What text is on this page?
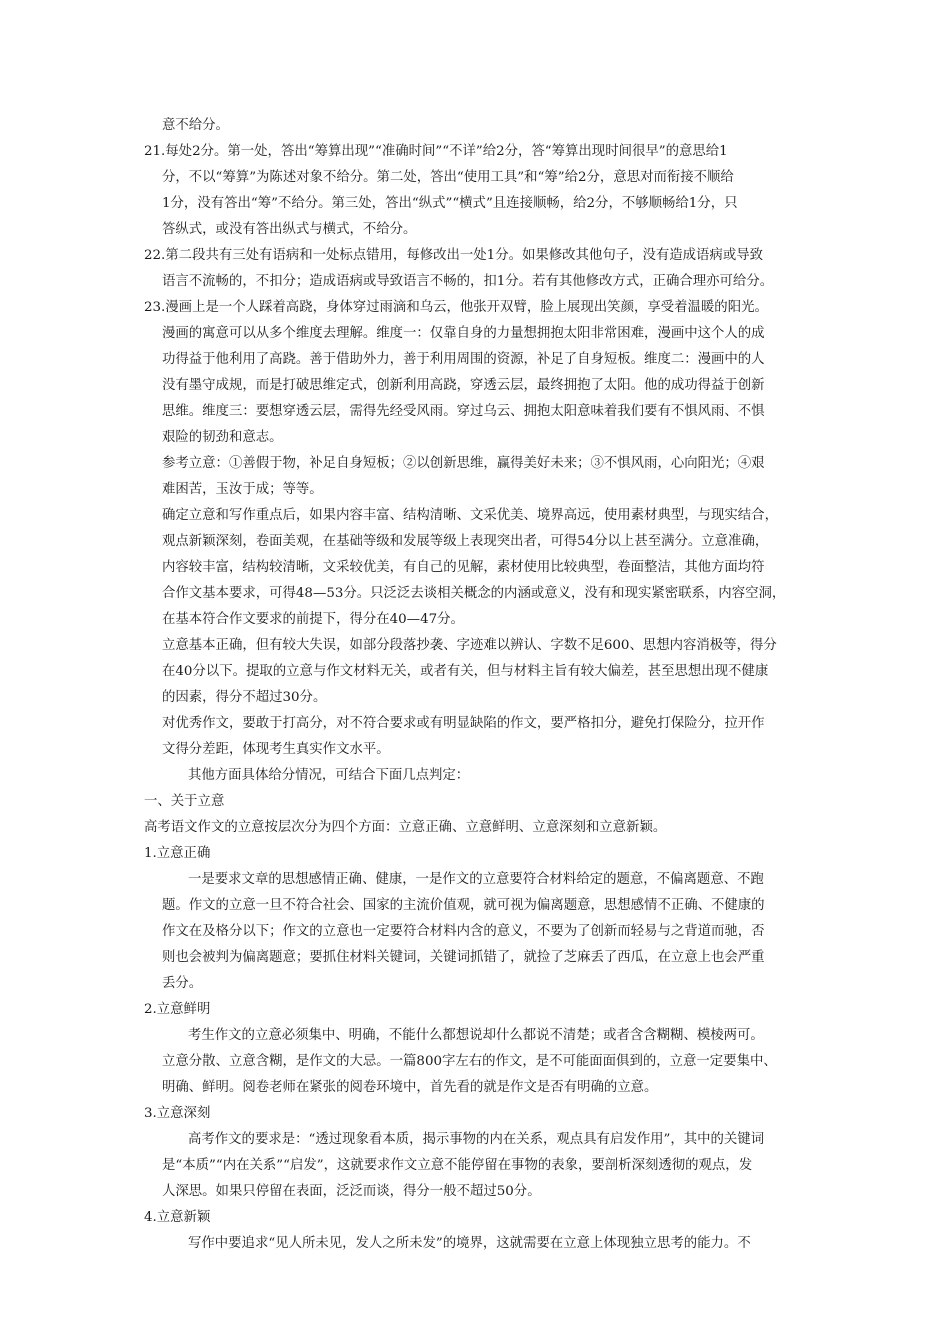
意不给分。
21.每处2分。第一处，答出“筹算出现”“准确时间”“不详”给2分，答“筹算出现时间很早”的意思给1
分，不以“筹算”为陈述对象不给分。第二处，答出“使用工具”和“筹”给2分，意思对而衔接不顺给
1分，没有答出“筹”不给分。第三处，答出“纵式”“横式”且连接顺畅，给2分，不够顺畅给1分，只
答纵式，或没有答出纵式与横式，不给分。
22.第二段共有三处有语病和一处标点错用，每修改出一处1分。如果修改其他句子，没有造成语病或导致
语言不流畅的，不扣分；造成语病或导致语言不畅的，扣1分。若有其他修改方式，正确合理亦可给分。
23.漫画上是一个人踩着高跷，身体穿过雨滴和乌云，他张开双臂，脸上展现出笑颜，享受着温暖的阳光。
漫画的寓意可以从多个维度去理解。维度一：仅靠自身的力量想拥抱太阳非常困难，漫画中这个人的成
功得益于他利用了高跷。善于借助外力，善于利用周围的资源，补足了自身短板。维度二：漫画中的人
没有墨守成规，而是打破思维定式，创新利用高跷，穿透云层，最终拥抱了太阳。他的成功得益于创新
思维。维度三：要想穿透云层，需得先经受风雨。穿过乌云、拥抱太阳意味着我们要有不惧风雨、不惧
艰险的韧劲和意志。
参考立意：①善假于物，补足自身短板；②以创新思维，赢得美好未来；③不惧风雨，心向阳光；④艰
难困苦，玉汝于成；等等。
确定立意和写作重点后，如果内容丰富、结构清晰、文采优美、境界高远，使用素材典型，与现实结合，
观点新颖深刻，卷面美观，在基础等级和发展等级上表现突出者，可得54分以上甚至满分。立意准确，
内容较丰富，结构较清晰，文采较优美，有自己的见解，素材使用比较典型，卷面整洁，其他方面均符
合作文基本要求，可得48—53分。只泛泛去谈相关概念的内涵或意义，没有和现实紧密联系，内容空洞，
在基本符合作文要求的前提下，得分在40—47分。
立意基本正确，但有较大失误，如部分段落抄袭、字迹难以辨认、字数不足600、思想内容消极等，得分
在40分以下。提取的立意与作文材料无关，或者有关，但与材料主旨有较大偏差，甚至思想出现不健康
的因素，得分不超过30分。
对优秀作文，要敢于打高分，对不符合要求或有明显缺陷的作文，要严格扣分，避免打保险分，拉开作
文得分差距，体现考生真实作文水平。
其他方面具体给分情况，可结合下面几点判定：
一、关于立意
高考语文作文的立意按层次分为四个方面：立意正确、立意鲜明、立意深刻和立意新颖。
1.立意正确
一是要求文章的思想感情正确、健康，一是作文的立意要符合材料给定的题意，不偏离题意、不跑
题。作文的立意一旦不符合社会、国家的主流价值观，就可视为偏离题意，思想感情不正确、不健康的
作文在及格分以下；作文的立意也一定要符合材料内含的意义，不要为了创新而轻易与之背道而驰，否
则也会被判为偏离题意；要抓住材料关键词，关键词抓错了，就捡了芝麻丢了西瓜，在立意上也会严重
丢分。
2.立意鲜明
考生作文的立意必须集中、明确，不能什么都想说却什么都说不清楚；或者含含糊糊、模棱两可。
立意分散、立意含糊，是作文的大忌。一篇800字左右的作文，是不可能面面俱到的，立意一定要集中、
明确、鲜明。阅卷老师在紧张的阅卷环境中，首先看的就是作文是否有明确的立意。
3.立意深刻
高考作文的要求是：“透过现象看本质，揭示事物的内在关系，观点具有启发作用”，其中的关键词
是“本质”“内在关系”“启发”，这就要求作文立意不能停留在事物的表象，要剖析深刻透彻的观点，发
人深思。如果只停留在表面，泛泛而谈，得分一般不超过50分。
4.立意新颖
写作中要追求“见人所未见，发人之所未发”的境界，这就需要在立意上体现独立思考的能力。不
